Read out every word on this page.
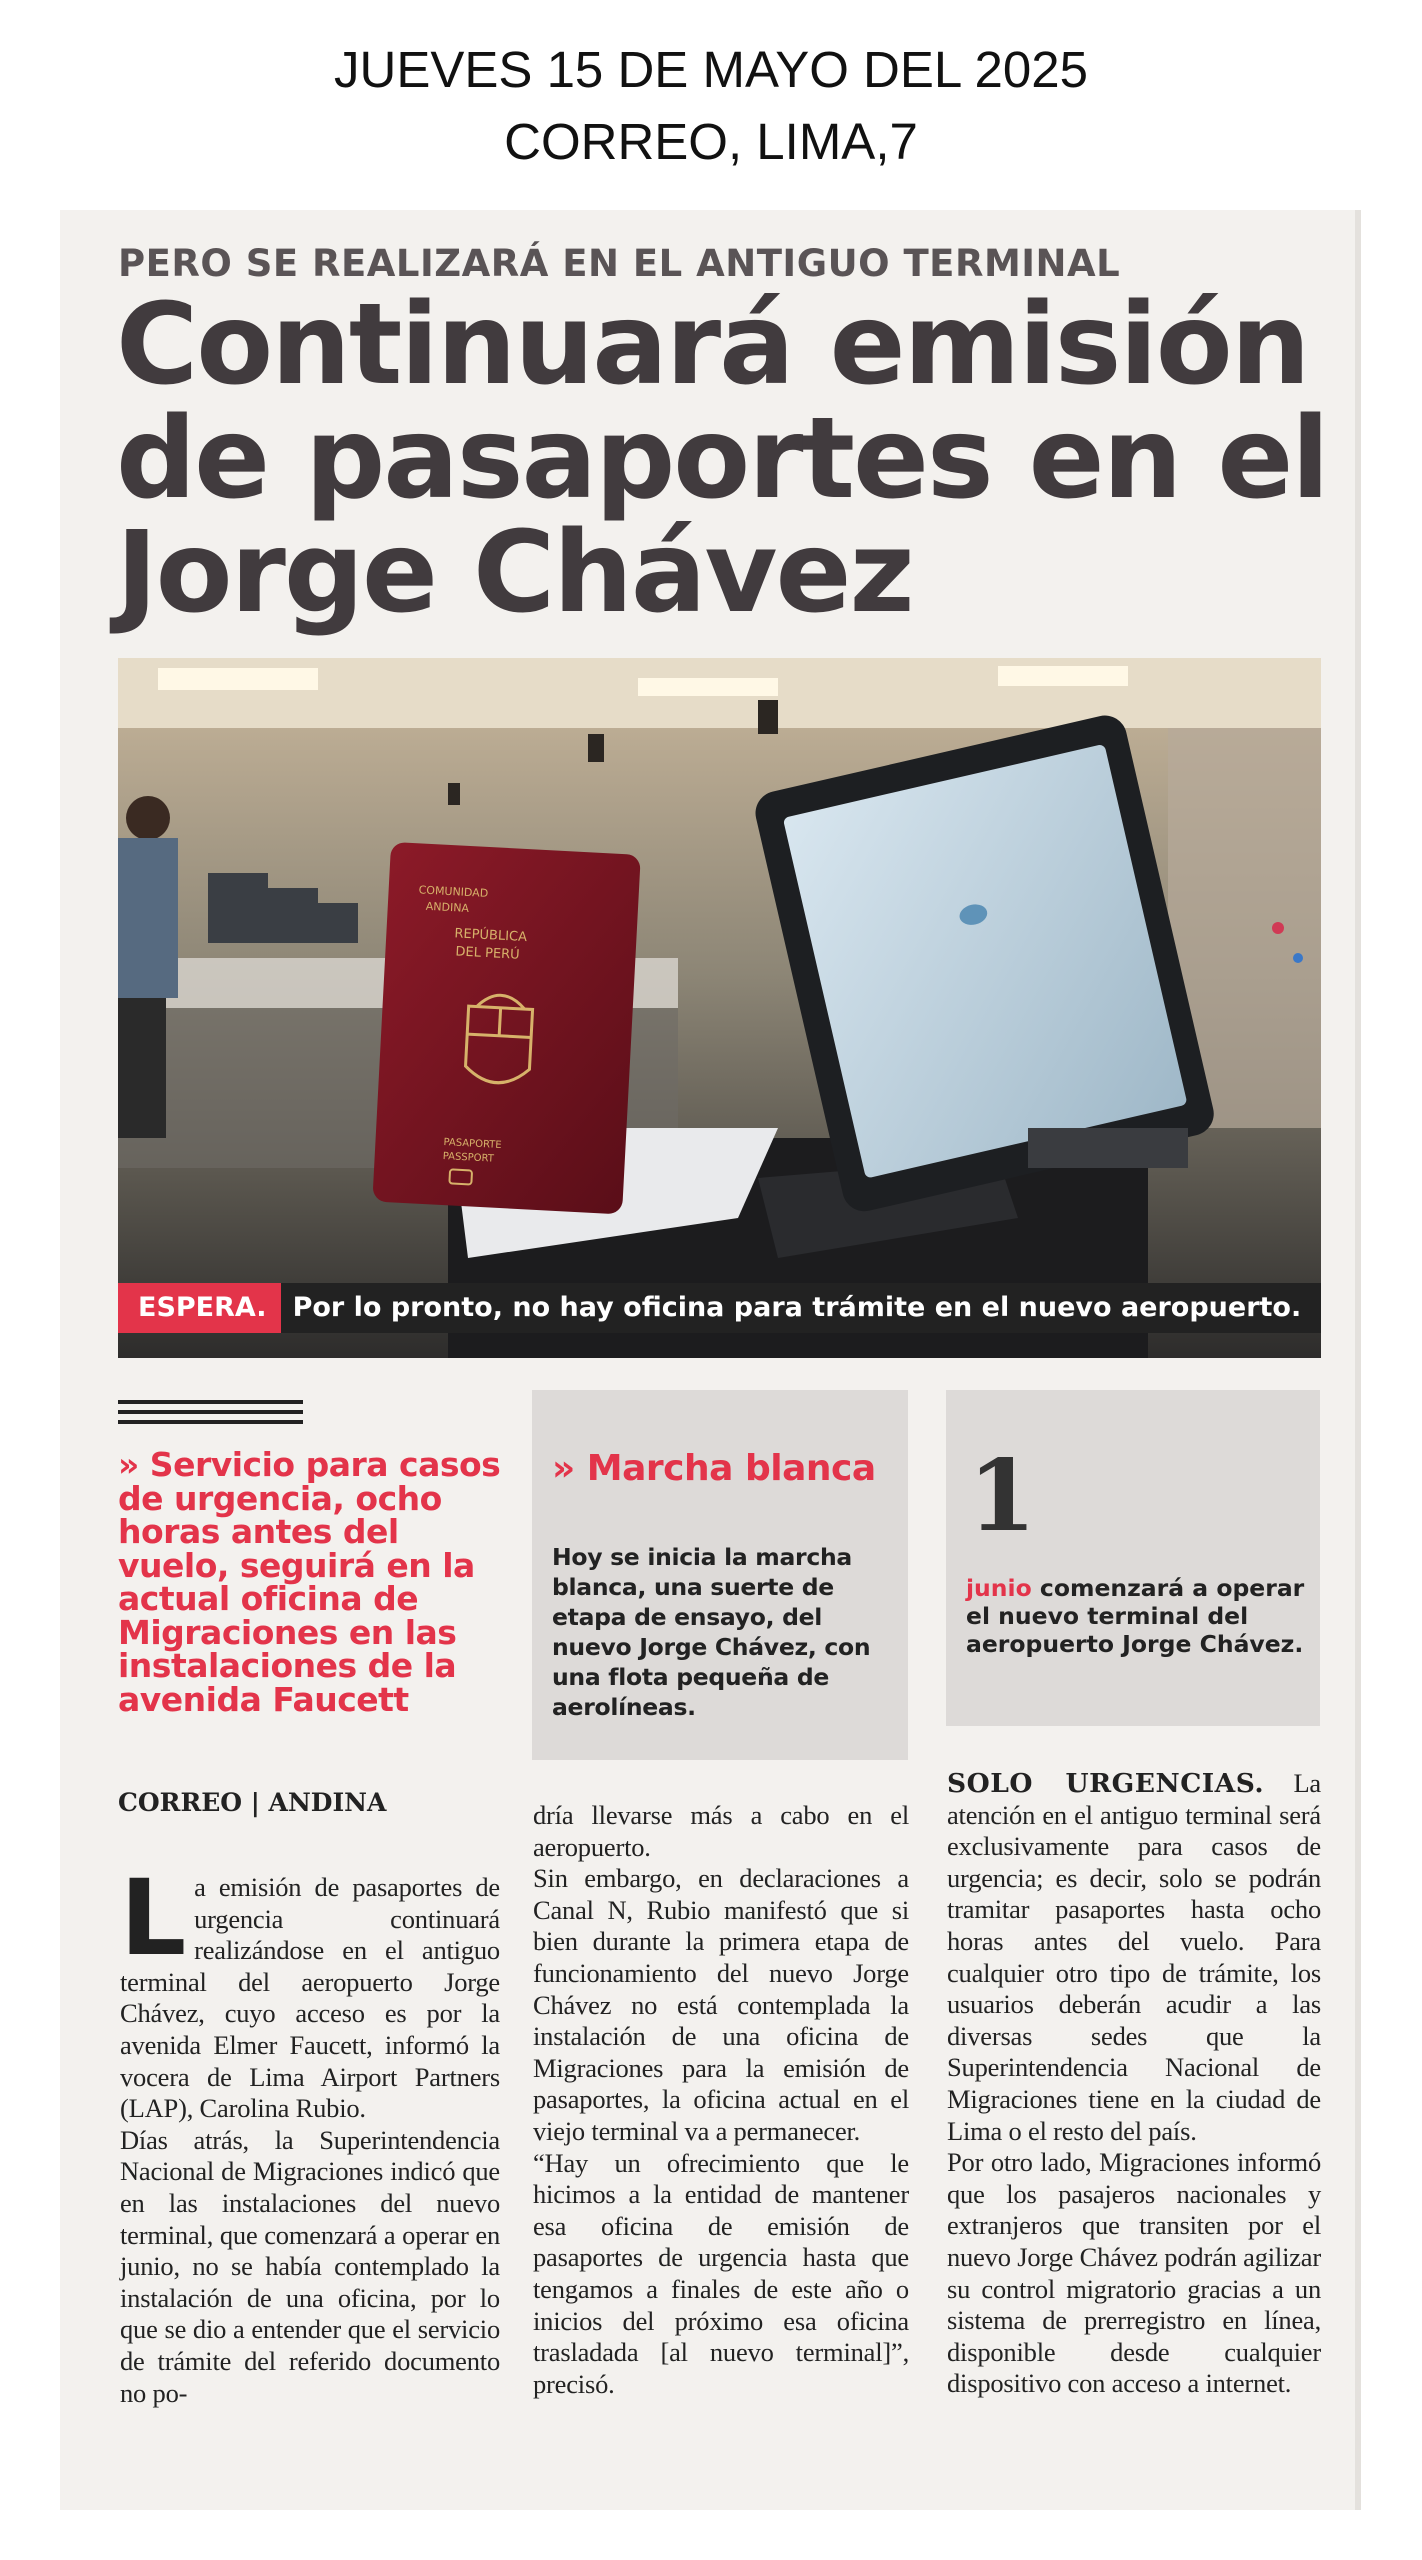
JUEVES 15 DE MAYO DEL 2025
CORREO, LIMA,7
PERO SE REALIZARÁ EN EL ANTIGUO TERMINAL
Continuará emisión de pasaportes en el Jorge Chávez
COMUNIDAD
ANDINA
REPÚBLICA
DEL PERÚ
PASAPORTE
PASSPORT
ESPERA. Por lo pronto, no hay oficina para trámite en el nuevo aeropuerto.
» Servicio para casos de urgencia, ocho horas antes del vuelo, seguirá en la actual oficina de Migraciones en las instalaciones de la avenida Faucett
» Marcha blanca
Hoy se inicia la marcha blanca, una suerte de etapa de ensayo, del nuevo Jorge Chávez, con una flota pequeña de aerolíneas.
1
junio comenzará a operar el nuevo terminal del aeropuerto Jorge Chávez.
CORREO | ANDINA

La emisión de pasaportes de urgencia continuará realizándose en el antiguo terminal del aeropuerto Jorge Chávez, cuyo acceso es por la avenida Elmer Faucett, informó la vocera de Lima Airport Partners (LAP), Carolina Rubio.

Días atrás, la Superintendencia Nacional de Migraciones indicó que en las instalaciones del nuevo terminal, que comenzará a operar en junio, no se había contemplado la instalación de una oficina, por lo que se dio a entender que el servicio de trámite del referido documento no po-

dría llevarse más a cabo en el aeropuerto.

Sin embargo, en declaraciones a Canal N, Rubio manifestó que si bien durante la primera etapa de funcionamiento del nuevo Jorge Chávez no está contemplada la instalación de una oficina de Migraciones para la emisión de pasaportes, la oficina actual en el viejo terminal va a permanecer.

“Hay un ofrecimiento que le hicimos a la entidad de mantener esa oficina de emisión de pasaportes de urgencia hasta que tengamos a finales de este año o inicios del próximo esa oficina trasladada [al nuevo terminal]”, precisó.

SOLO URGENCIAS. La atención en el antiguo terminal será exclusivamente para casos de urgencia; es decir, solo se podrán tramitar pasaportes hasta ocho horas antes del vuelo. Para cualquier otro tipo de trámite, los usuarios deberán acudir a las diversas sedes que la Superintendencia Nacional de Migraciones tiene en la ciudad de Lima o el resto del país.

Por otro lado, Migraciones informó que los pasajeros nacionales y extranjeros que transiten por el nuevo Jorge Chávez podrán agilizar su control migratorio gracias a un sistema de prerregistro en línea, disponible desde cualquier dispositivo con acceso a internet.
